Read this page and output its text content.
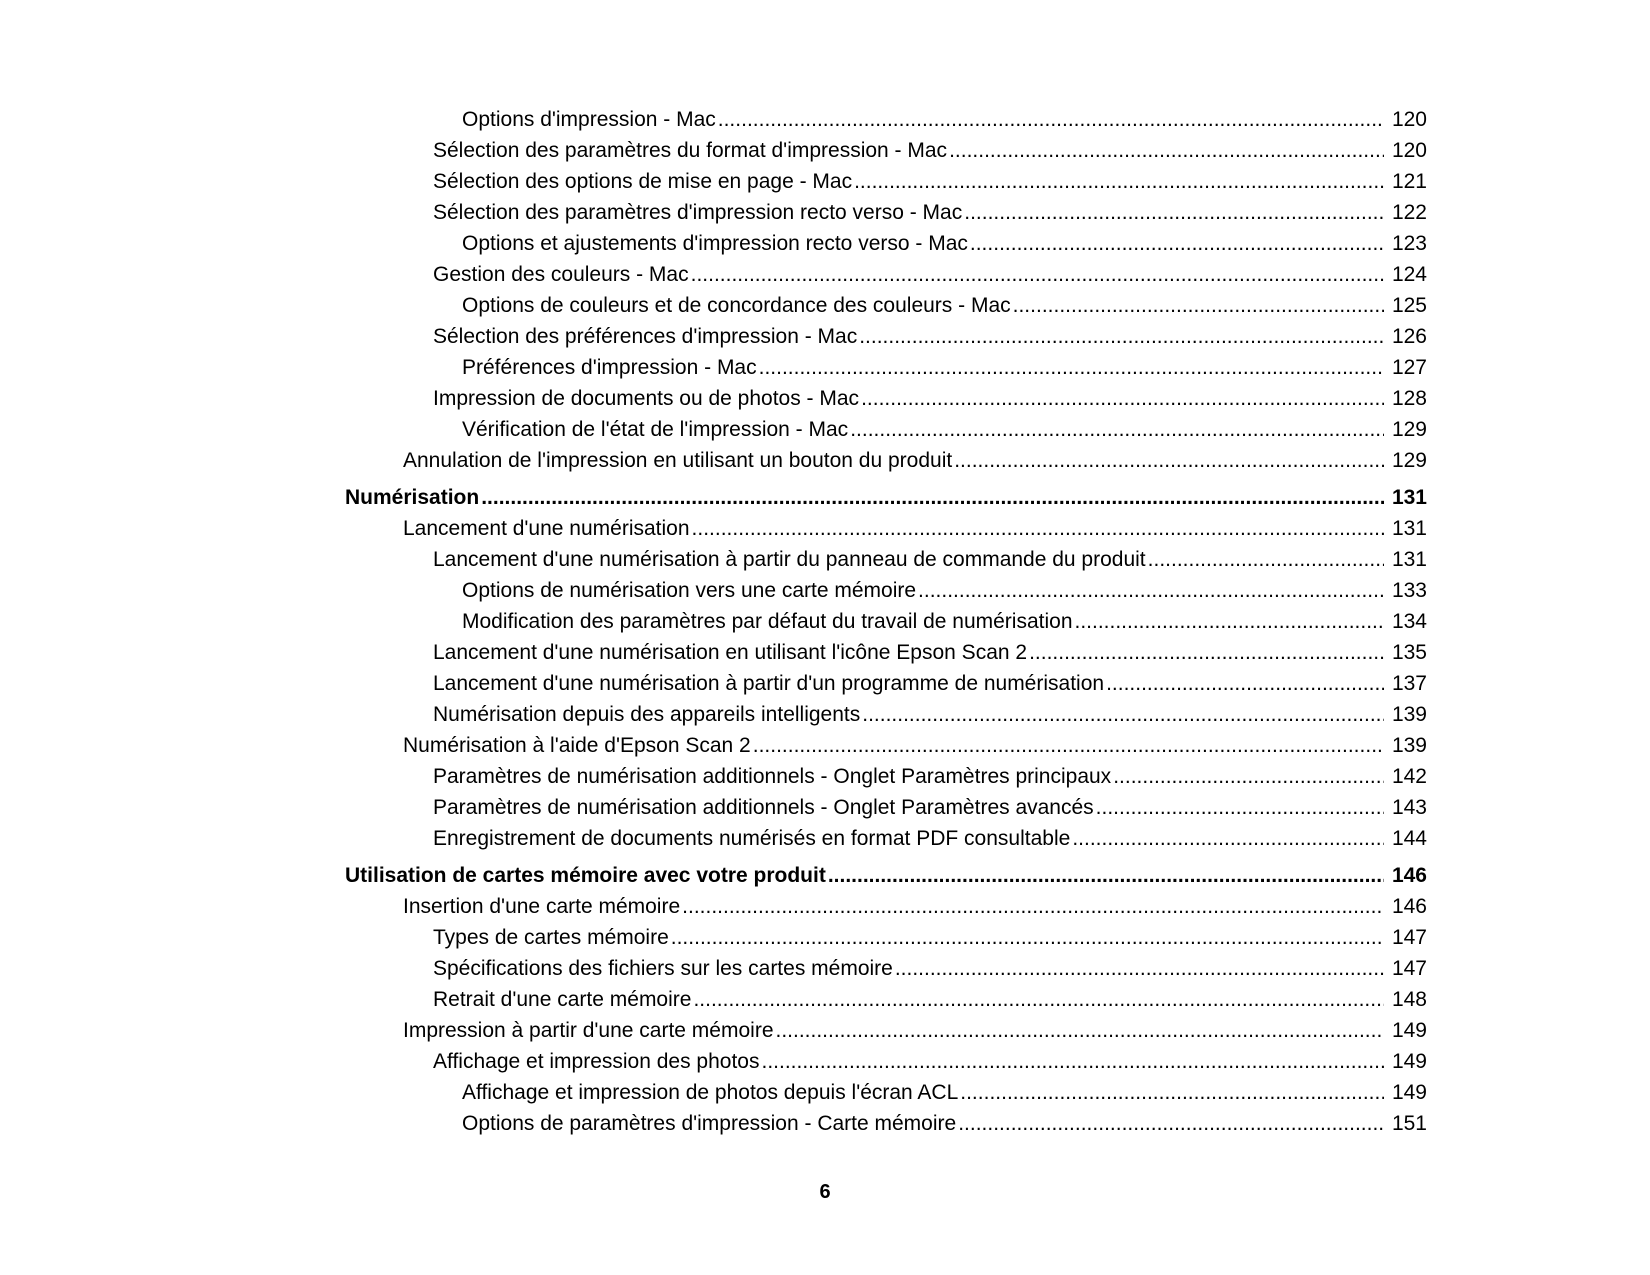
Options d'impression - Mac .....	120
Sélection des paramètres du format d'impression - Mac .....	120
Sélection des options de mise en page - Mac .....	121
Sélection des paramètres d'impression recto verso - Mac .....	122
Options et ajustements d'impression recto verso - Mac .....	123
Gestion des couleurs - Mac .....	124
Options de couleurs et de concordance des couleurs - Mac .....	125
Sélection des préférences d'impression - Mac .....	126
Préférences d'impression - Mac .....	127
Impression de documents ou de photos - Mac .....	128
Vérification de l'état de l'impression - Mac .....	129
Annulation de l'impression en utilisant un bouton du produit .....	129
Numérisation .....	131
Lancement d'une numérisation .....	131
Lancement d'une numérisation à partir du panneau de commande du produit .....	131
Options de numérisation vers une carte mémoire .....	133
Modification des paramètres par défaut du travail de numérisation .....	134
Lancement d'une numérisation en utilisant l'icône Epson Scan 2 .....	135
Lancement d'une numérisation à partir d'un programme de numérisation .....	137
Numérisation depuis des appareils intelligents .....	139
Numérisation à l'aide d'Epson Scan 2 .....	139
Paramètres de numérisation additionnels - Onglet Paramètres principaux .....	142
Paramètres de numérisation additionnels - Onglet Paramètres avancés .....	143
Enregistrement de documents numérisés en format PDF consultable .....	144
Utilisation de cartes mémoire avec votre produit .....	146
Insertion d'une carte mémoire .....	146
Types de cartes mémoire .....	147
Spécifications des fichiers sur les cartes mémoire .....	147
Retrait d'une carte mémoire .....	148
Impression à partir d'une carte mémoire .....	149
Affichage et impression des photos .....	149
Affichage et impression de photos depuis l'écran ACL .....	149
Options de paramètres d'impression - Carte mémoire .....	151
6
